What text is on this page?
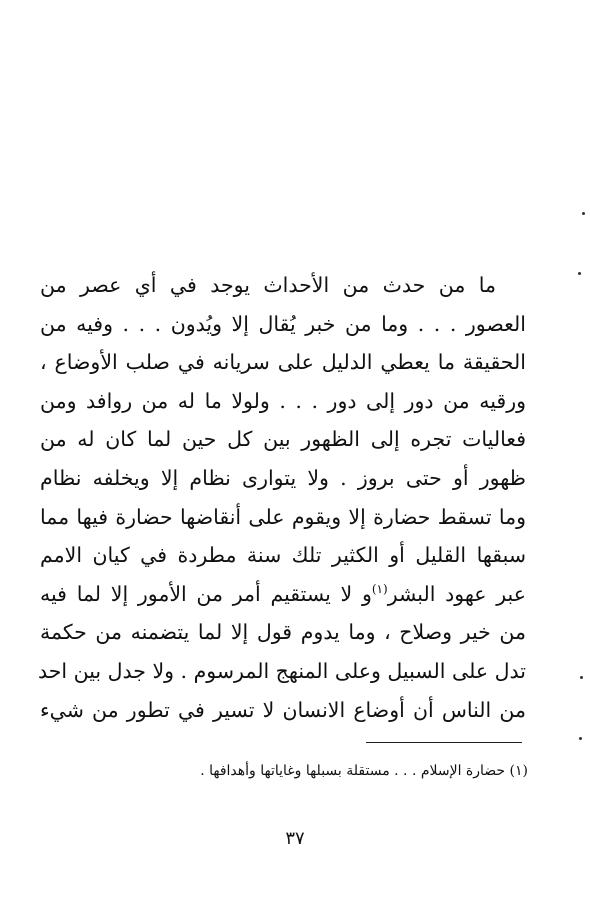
ما من حدث من الأحداث يوجد في أي عصر من
العصور . . . وما من خبر يُقال إلا ويُدون . . . وفيه من
الحقيقة ما يعطي الدليل على سريانه في صلب الأوضاع ،
ورقيه من دور إلى دور . . . ولولا ما له من روافد ومن
فعاليات تجره إلى الظهور بين كل حين لما كان له من
ظهور أو حتى بروز . ولا يتوارى نظام إلا ويخلفه نظام
وما تسقط حضارة إلا ويقوم على أنقاضها حضارة فيها مما
سبقها القليل أو الكثير تلك سنة مطردة في كيان الامم
عبر عهود البشر$^{(١)}$و لا يستقيم أمر من الأمور إلا لما فيه
من خير وصلاح ، وما يدوم قول إلا لما يتضمنه من حكمة
تدل على السبيل وعلى المنهج المرسوم . ولا جدل بين احد
من الناس أن أوضاع الانسان لا تسير في تطور من شيء
(١) حضارة الإسلام . . . مستقلة بسبلها وغاياتها وأهدافها .
٣٧
